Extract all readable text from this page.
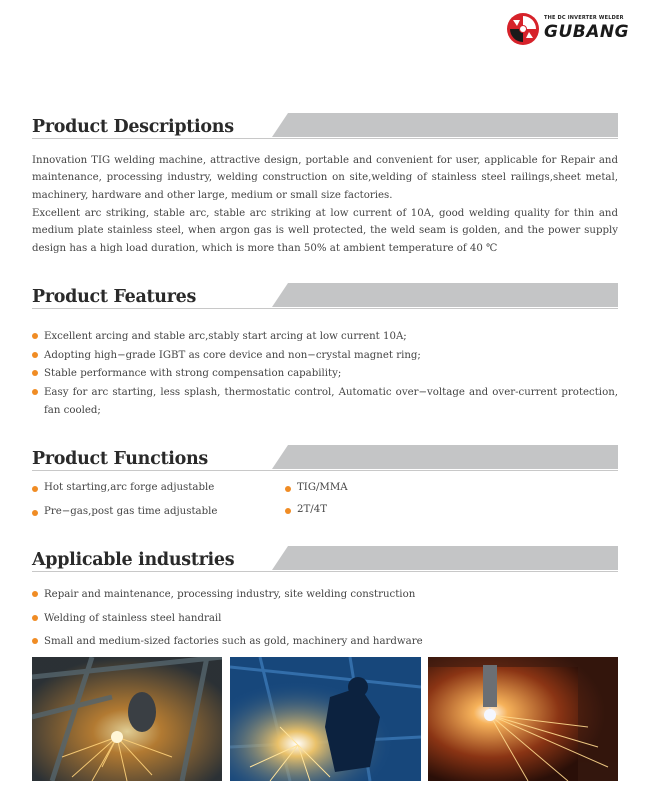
THE DC INVERTER WELDER
GUBANG
Product Descriptions

Innovation TIG welding machine, attractive design, portable and convenient for user, applicable for Repair and maintenance, processing industry, welding construction on site,welding of stainless steel railings,sheet metal, machinery, hardware and other large, medium or small size factories.

Excellent arc striking, stable arc, stable arc striking at low current of 10A, good welding quality for thin and medium plate stainless steel, when argon gas is well protected, the weld seam is golden, and the power supply design has a high load duration, which is more than 50% at ambient temperature of 40 ℃

Product Features
Excellent arcing and stable arc,stably start arcing at low current 10A;
Adopting high−grade IGBT as core device and non−crystal magnet ring;
Stable performance with strong compensation capability;
Easy for arc starting, less splash, thermostatic control, Automatic over−voltage and over-current protection, fan cooled;
Product Functions
Hot starting,arc forge adjustable
Pre−gas,post gas time adjustable
TIG/MMA
2T/4T
Applicable industries
Repair and maintenance, processing industry, site welding construction
Welding of stainless steel handrail
Small and medium-sized factories such as gold, machinery and hardware
